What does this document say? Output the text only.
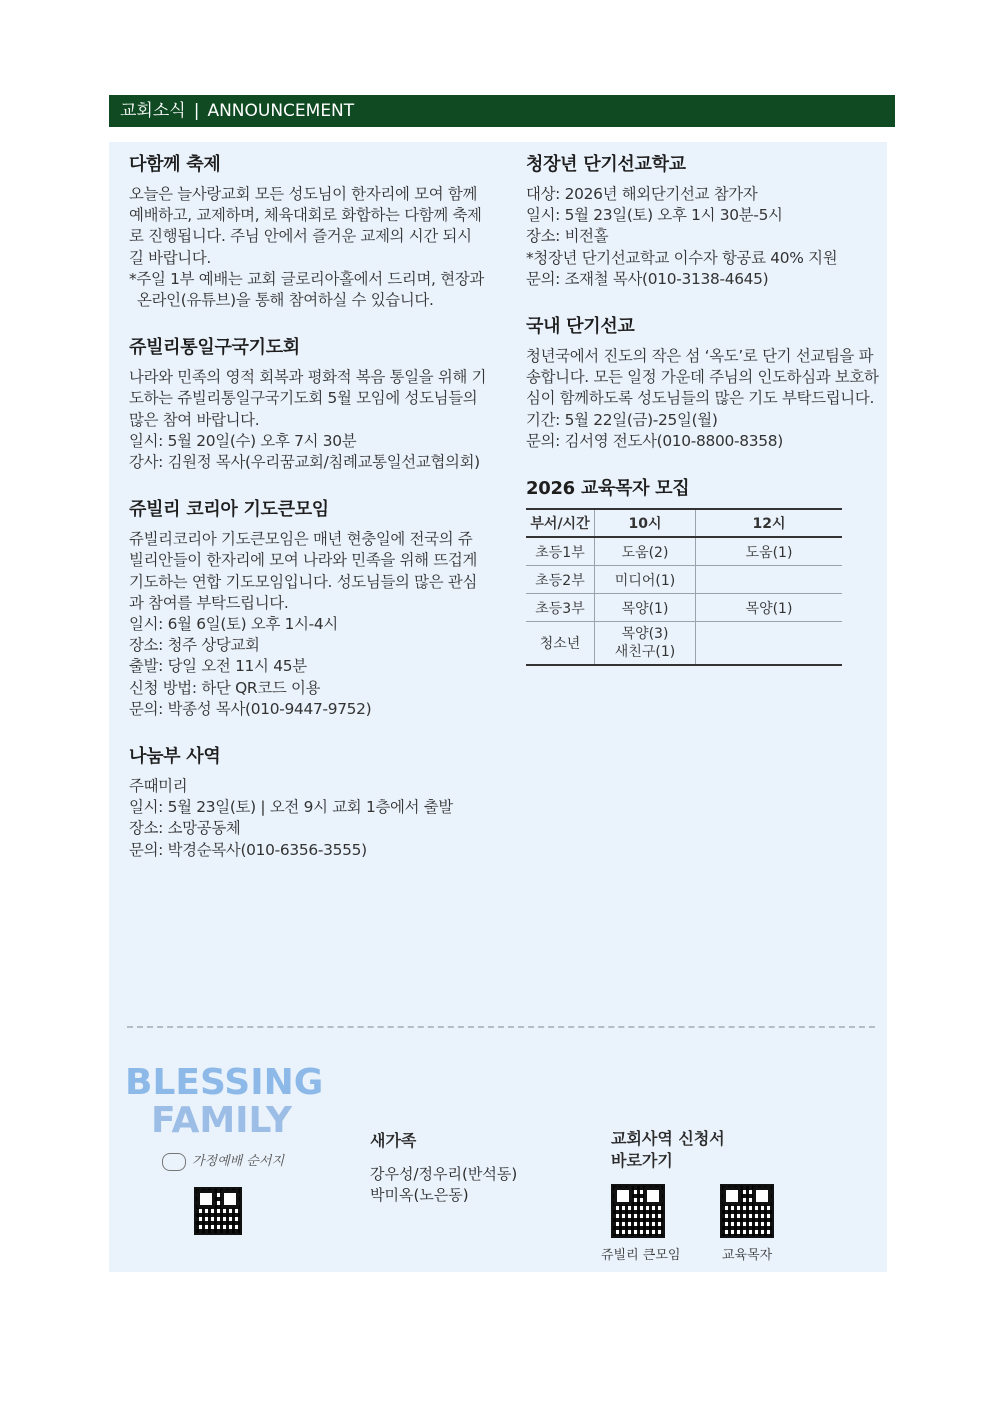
교회소식 | ANNOUNCEMENT
다함께 축제
오늘은 늘사랑교회 모든 성도님이 한자리에 모여 함께
예배하고, 교제하며, 체육대회로 화합하는 다함께 축제
로 진행됩니다. 주님 안에서 즐거운 교제의 시간 되시
길 바랍니다.
*주일 1부 예배는 교회 글로리아홀에서 드리며, 현장과
온라인(유튜브)을 통해 참여하실 수 있습니다.
쥬빌리통일구국기도회
나라와 민족의 영적 회복과 평화적 복음 통일을 위해 기
도하는 쥬빌리통일구국기도회 5월 모임에 성도님들의
많은 참여 바랍니다.
일시: 5월 20일(수) 오후 7시 30분
강사: 김원정 목사(우리꿈교회/침례교통일선교협의회)
쥬빌리 코리아 기도큰모임
쥬빌리코리아 기도큰모임은 매년 현충일에 전국의 쥬
빌리안들이 한자리에 모여 나라와 민족을 위해 뜨겁게
기도하는 연합 기도모임입니다. 성도님들의 많은 관심
과 참여를 부탁드립니다.
일시: 6월 6일(토) 오후 1시-4시
장소: 청주 상당교회
출발: 당일 오전 11시 45분
신청 방법: 하단 QR코드 이용
문의: 박종성 목사(010-9447-9752)
나눔부 사역
주때미리
일시: 5월 23일(토) | 오전 9시 교회 1층에서 출발
장소: 소망공동체
문의: 박경순목사(010-6356-3555)
청장년 단기선교학교
대상: 2026년 해외단기선교 참가자
일시: 5월 23일(토) 오후 1시 30분-5시
장소: 비전홀
*청장년 단기선교학교 이수자 항공료 40% 지원
문의: 조재철 목사(010-3138-4645)
국내 단기선교
청년국에서 진도의 작은 섬 ‘옥도’로 단기 선교팀을 파
송합니다. 모든 일정 가운데 주님의 인도하심과 보호하
심이 함께하도록 성도님들의 많은 기도 부탁드립니다.
기간: 5월 22일(금)-25일(월)
문의: 김서영 전도사(010-8800-8358)
2026 교육목자 모집
부서/시간	10시	12시
초등1부	도움(2)	도움(1)
초등2부	미디어(1)	
초등3부	목양(1)	목양(1)
청소년	목양(3)
새친구(1)	

BLESSING
FAMILY
가정예배 순서지
새가족
강우성/정우리(반석동)
박미옥(노은동)
교회사역 신청서
바로가기
쥬빌리 큰모임	교육목자
